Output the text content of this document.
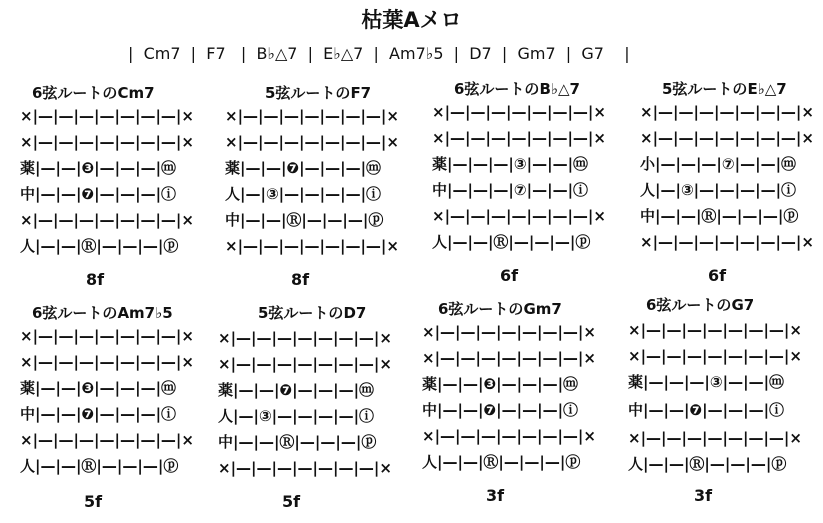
枯葉Aメロ
|  Cm7  |  F7   |  B♭△7  |  E♭△7  |  Am7♭5  |  D7  |  Gm7  |  G7    |
6弦ルートのCm7
×|—|—|—|—|—|—|—|×
×|—|—|—|—|—|—|—|×
薬|—|—|❸|—|—|—|ⓜ
中|—|—|❼|—|—|—|ⓘ
×|—|—|—|—|—|—|—|×
人|—|—|Ⓡ|—|—|—|ⓟ
8f
5弦ルートのF7
×|—|—|—|—|—|—|—|×
×|—|—|—|—|—|—|—|×
薬|—|—|❼|—|—|—|ⓜ
人|—|③|—|—|—|—|ⓘ
中|—|—|Ⓡ|—|—|—|ⓟ
×|—|—|—|—|—|—|—|×
8f
6弦ルートのB♭△7
×|—|—|—|—|—|—|—|×
×|—|—|—|—|—|—|—|×
薬|—|—|—|③|—|—|ⓜ
中|—|—|—|⑦|—|—|ⓘ
×|—|—|—|—|—|—|—|×
人|—|—|Ⓡ|—|—|—|ⓟ
6f
5弦ルートのE♭△7
×|—|—|—|—|—|—|—|×
×|—|—|—|—|—|—|—|×
小|—|—|—|⑦|—|—|ⓜ
人|—|③|—|—|—|—|ⓘ
中|—|—|Ⓡ|—|—|—|ⓟ
×|—|—|—|—|—|—|—|×
6f
6弦ルートのAm7♭5
×|—|—|—|—|—|—|—|×
×|—|—|—|—|—|—|—|×
薬|—|—|❸|—|—|—|ⓜ
中|—|—|❼|—|—|—|ⓘ
×|—|—|—|—|—|—|—|×
人|—|—|Ⓡ|—|—|—|ⓟ
5f
5弦ルートのD7
×|—|—|—|—|—|—|—|×
×|—|—|—|—|—|—|—|×
薬|—|—|❼|—|—|—|ⓜ
人|—|③|—|—|—|—|ⓘ
中|—|—|Ⓡ|—|—|—|ⓟ
×|—|—|—|—|—|—|—|×
5f
6弦ルートのGm7
×|—|—|—|—|—|—|—|×
×|—|—|—|—|—|—|—|×
薬|—|—|❸|—|—|—|ⓜ
中|—|—|❼|—|—|—|ⓘ
×|—|—|—|—|—|—|—|×
人|—|—|Ⓡ|—|—|—|ⓟ
3f
6弦ルートのG7
×|—|—|—|—|—|—|—|×
×|—|—|—|—|—|—|—|×
薬|—|—|—|③|—|—|ⓜ
中|—|—|❼|—|—|—|ⓘ
×|—|—|—|—|—|—|—|×
人|—|—|Ⓡ|—|—|—|ⓟ
3f
